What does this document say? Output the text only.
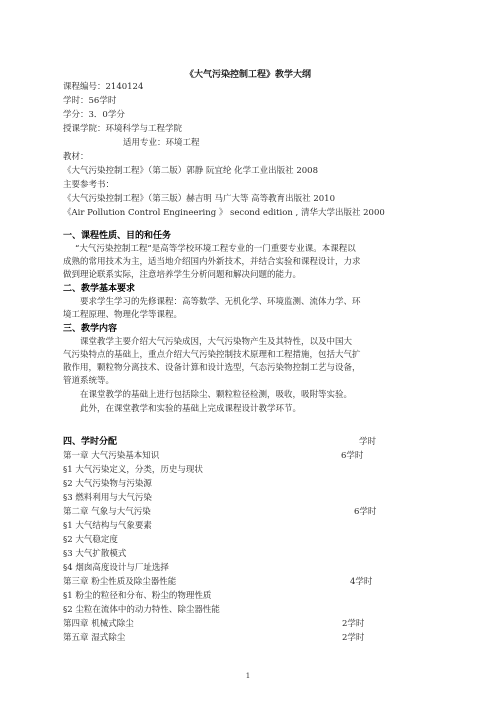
《大气污染控制工程》教学大纲
课程编号：2140124
学时：56学时
学分：3．0学分
授课学院：环境科学与工程学院
适用专业：环境工程
教材：
《大气污染控制工程》（第二版）郭静 阮宜纶 化学工业出版社 2008
主要参考书：
《大气污染控制工程》（第三版）赫吉明 马广大等 高等教育出版社 2010
《Air Pollution Control Engineering 》 second edition , 清华大学出版社 2000
一、课程性质、目的和任务
“大气污染控制工程”是高等学校环境工程专业的一门重要专业课。本课程以
成熟的常用技术为主，适当地介绍国内外新技术，并结合实验和课程设计，力求
做到理论联系实际，注意培养学生分析问题和解决问题的能力。
二、教学基本要求
要求学生学习的先修课程：高等数学、无机化学、环境监测、流体力学、环
境工程原理、物理化学等课程。
三、教学内容
课堂教学主要介绍大气污染成因，大气污染物产生及其特性，以及中国大
气污染特点的基础上，重点介绍大气污染控制技术原理和工程措施，包括大气扩
散作用，颗粒物分离技术、设备计算和设计选型，气态污染物控制工艺与设备，
管道系统等。
在课堂教学的基础上进行包括除尘、颗粒粒径检测，吸收，吸附等实验。
此外，在课堂教学和实验的基础上完成课程设计教学环节。
四、学时分配	学时
第一章 大气污染基本知识	6学时
§1 大气污染定义，分类，历史与现状
§2 大气污染物与污染源
§3 燃料利用与大气污染
第二章 气象与大气污染	6学时
§1 大气结构与气象要素
§2 大气稳定度
§3 大气扩散模式
§4 烟囱高度设计与厂址选择
第三章 粉尘性质及除尘器性能	4学时
§1 粉尘的粒径和分布、粉尘的物理性质
§2 尘粒在流体中的动力特性、除尘器性能
第四章 机械式除尘	2学时
第五章 湿式除尘	2学时
1
